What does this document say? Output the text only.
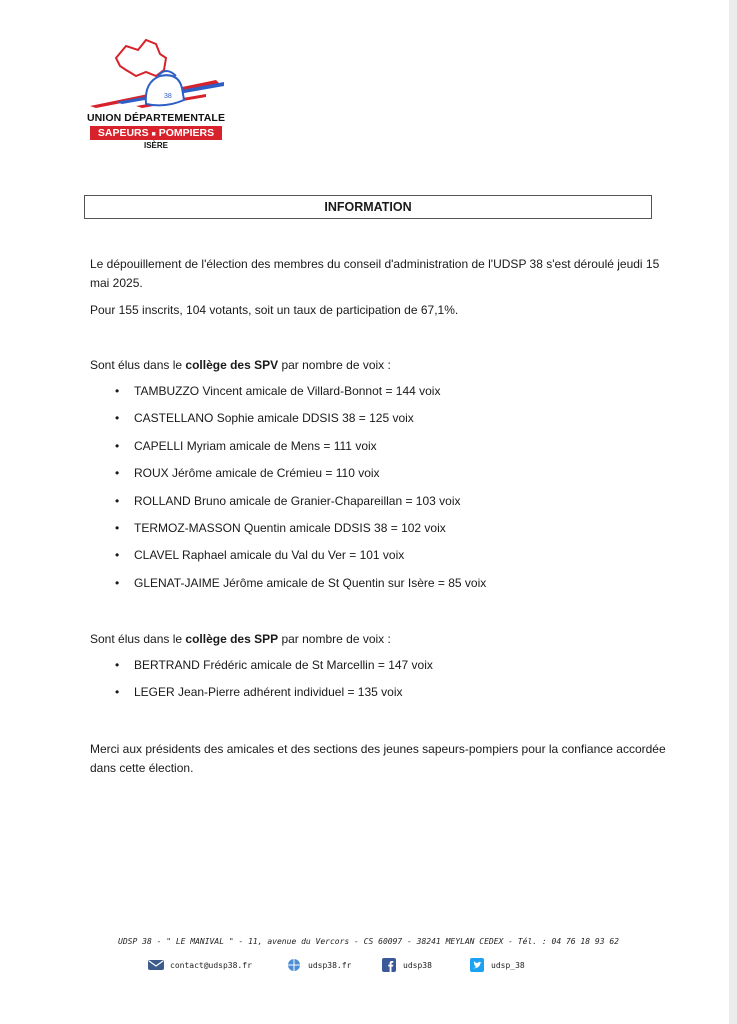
38
UNION DÉPARTEMENTALE
SAPEURS ■ POMPIERS
ISÈRE
INFORMATION
Le dépouillement de l'élection des membres du conseil d'administration de l'UDSP 38 s'est déroulé jeudi 15 mai 2025.
Pour 155 inscrits, 104 votants, soit un taux de participation de 67,1%.
Sont élus dans le collège des SPV par nombre de voix :
• TAMBUZZO Vincent amicale de Villard-Bonnot = 144 voix
• CASTELLANO Sophie amicale DDSIS 38 = 125 voix
• CAPELLI Myriam amicale de Mens = 111 voix
• ROUX Jérôme amicale de Crémieu = 110 voix
• ROLLAND Bruno amicale de Granier-Chapareillan = 103 voix
• TERMOZ-MASSON Quentin amicale DDSIS 38 = 102 voix
• CLAVEL Raphael amicale du Val du Ver = 101 voix
• GLENAT-JAIME Jérôme amicale de St Quentin sur Isère = 85 voix
Sont élus dans le collège des SPP par nombre de voix :
• BERTRAND Frédéric amicale de St Marcellin = 147 voix
• LEGER Jean-Pierre adhérent individuel = 135 voix
Merci aux présidents des amicales et des sections des jeunes sapeurs-pompiers pour la confiance accordée dans cette élection.
UDSP 38 - " LE MANIVAL " - 11, avenue du Vercors - CS 60097 - 38241 MEYLAN CEDEX - Tél. : 04 76 18 93 62
contact@udsp38.fr	udsp38.fr	udsp38	udsp_38
